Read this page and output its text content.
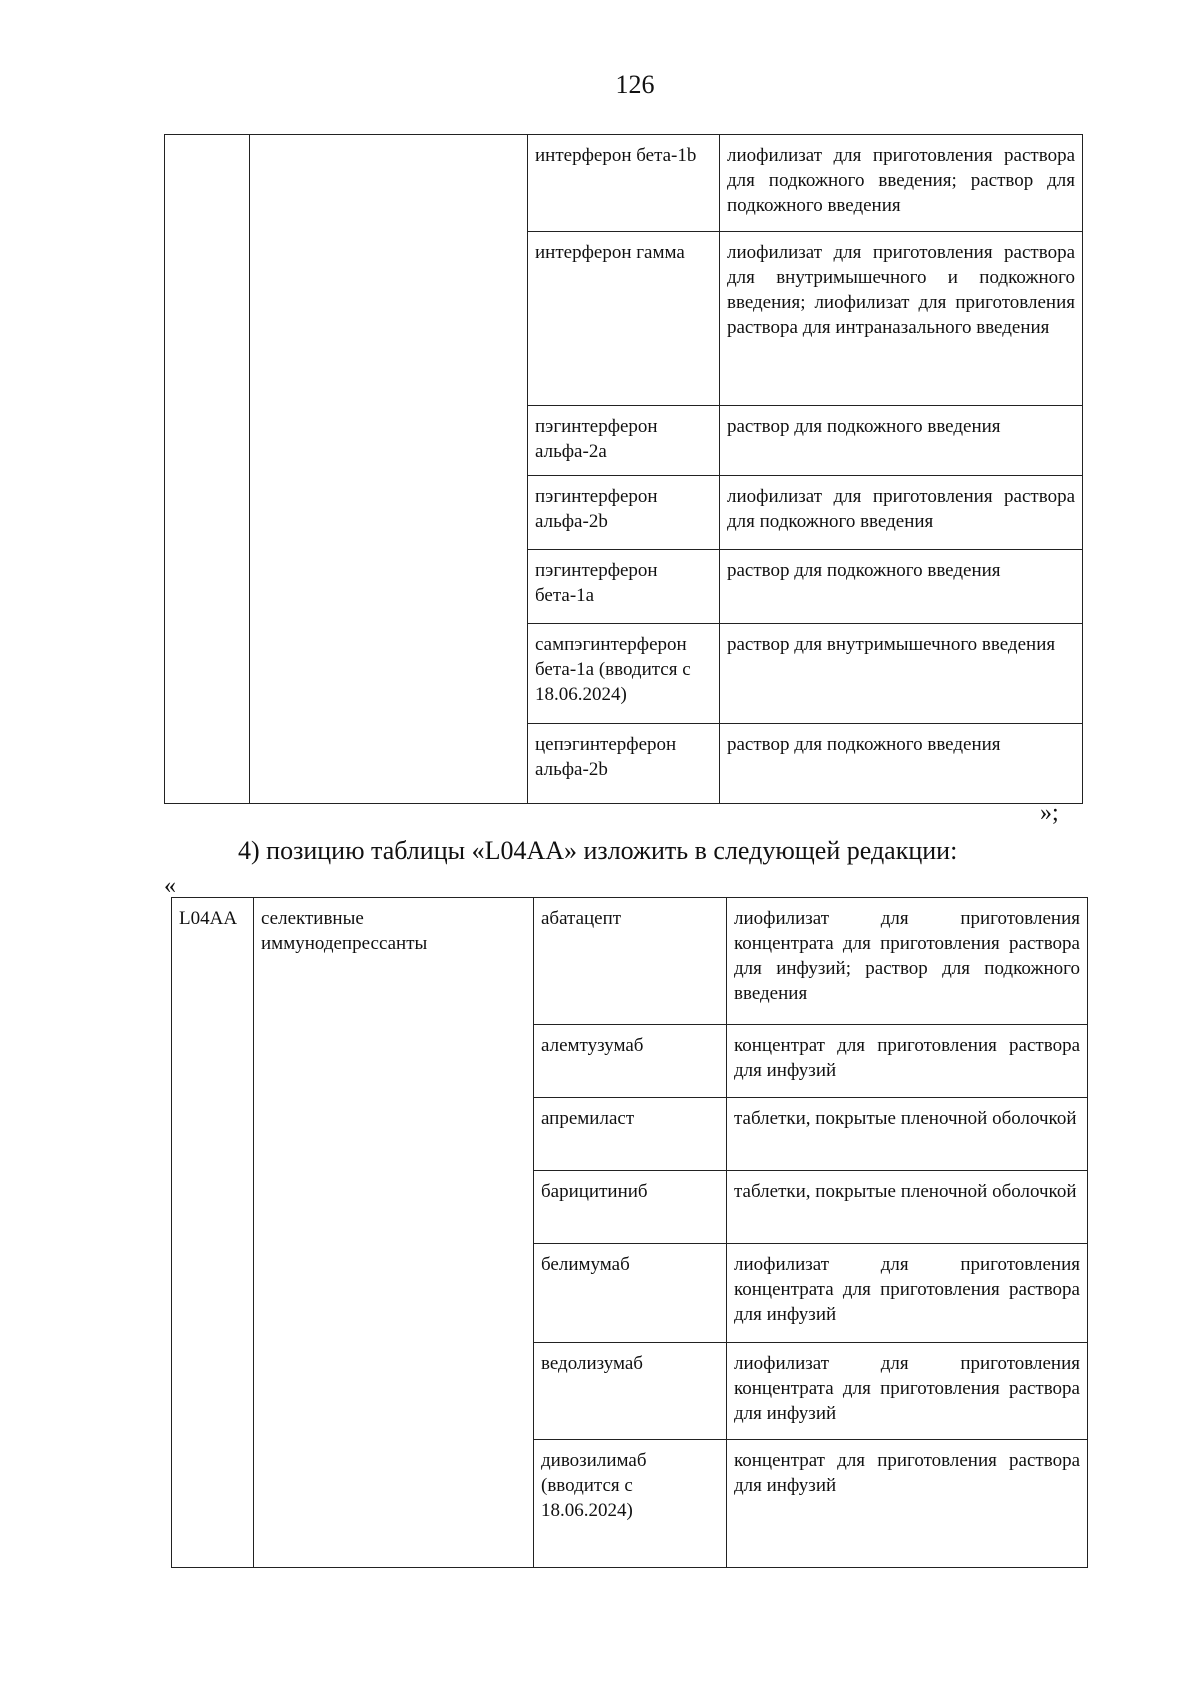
126
		интерферон бета-1b	лиофилизат для приготовления раствора для подкожного введения; раствор для подкожного введения
		интерферон гамма	лиофилизат для приготовления раствора для внутримышечного и подкожного введения; лиофилизат для приготовления раствора для интраназального введения
		пэгинтерферон альфа-2a	раствор для подкожного введения
		пэгинтерферон альфа-2b	лиофилизат для приготовления раствора для подкожного введения
		пэгинтерферон бета-1a	раствор для подкожного введения
		сампэгинтерферон бета-1a (вводится с 18.06.2024)	раствор для внутримышечного введения
		цепэгинтерферон альфа-2b	раствор для подкожного введения
»;
4) позицию таблицы «L04AA» изложить в следующей редакции:
«
L04AA	селективные иммунодепрессанты	абатацепт	лиофилизат для приготовления концентрата для приготовления раствора для инфузий; раствор для подкожного введения
		алемтузумаб	концентрат для приготовления раствора для инфузий
		апремиласт	таблетки, покрытые пленочной оболочкой
		барицитиниб	таблетки, покрытые пленочной оболочкой
		белимумаб	лиофилизат для приготовления концентрата для приготовления раствора для инфузий
		ведолизумаб	лиофилизат для приготовления концентрата для приготовления раствора для инфузий
		дивозилимаб (вводится с 18.06.2024)	концентрат для приготовления раствора для инфузий
